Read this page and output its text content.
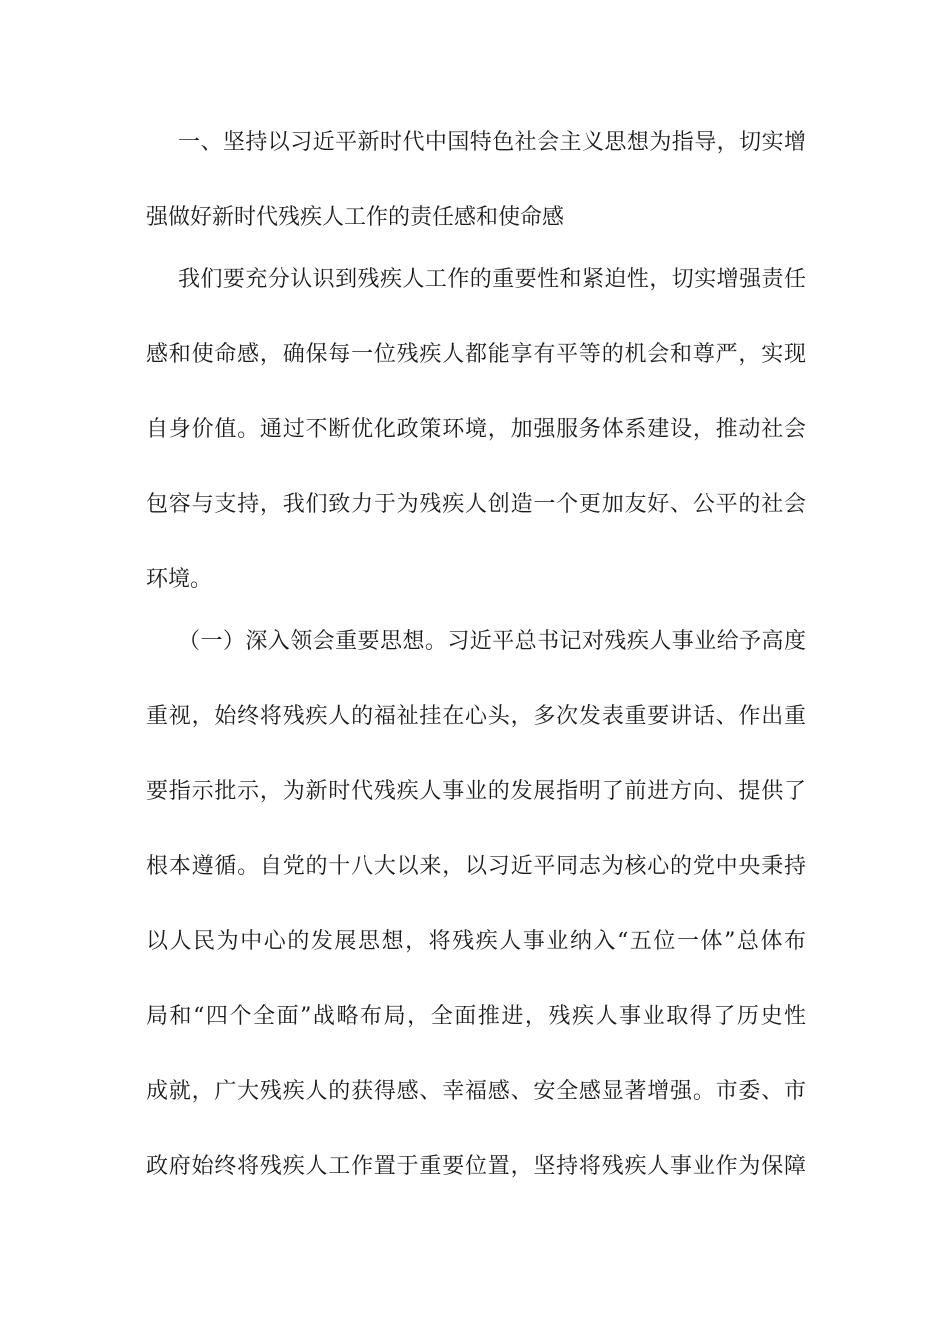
一、坚持以习近平新时代中国特色社会主义思想为指导，切实增
强做好新时代残疾人工作的责任感和使命感
我们要充分认识到残疾人工作的重要性和紧迫性，切实增强责任
感和使命感，确保每一位残疾人都能享有平等的机会和尊严，实现
自身价值。通过不断优化政策环境，加强服务体系建设，推动社会
包容与支持，我们致力于为残疾人创造一个更加友好、公平的社会
环境。
（一）深入领会重要思想。习近平总书记对残疾人事业给予高度
重视，始终将残疾人的福祉挂在心头，多次发表重要讲话、作出重
要指示批示，为新时代残疾人事业的发展指明了前进方向、提供了
根本遵循。自党的十八大以来，以习近平同志为核心的党中央秉持
以人民为中心的发展思想，将残疾人事业纳入“五位一体”总体布
局和“四个全面”战略布局，全面推进，残疾人事业取得了历史性
成就，广大残疾人的获得感、幸福感、安全感显著增强。市委、市
政府始终将残疾人工作置于重要位置，坚持将残疾人事业作为保障
